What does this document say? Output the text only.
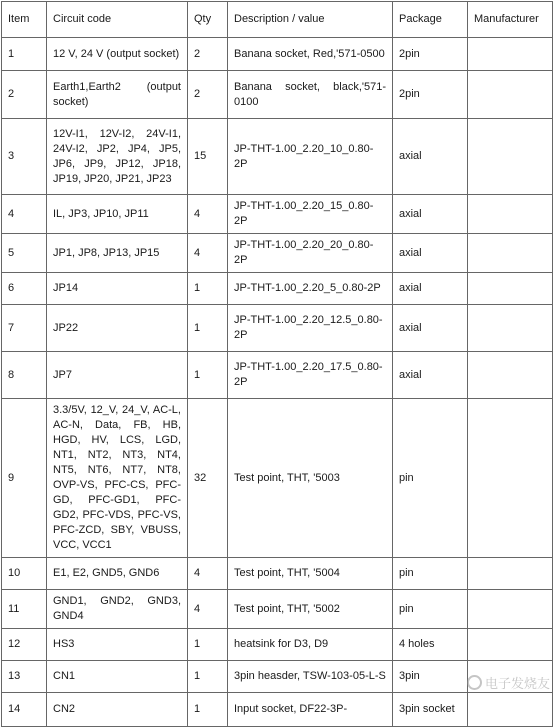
Item	Circuit code	Qty	Description / value	Package	Manufacturer
1	12 V, 24 V (output socket)	2	Banana socket, Red,'571-0500	2pin	
2	Earth1,Earth2 (output socket)	2	Banana socket, black,'571-0100	2pin	
3	12V-I1, 12V-I2, 24V-I1, 24V-I2, JP2, JP4, JP5, JP6, JP9, JP12, JP18, JP19, JP20, JP21, JP23	15	JP-THT-1.00_2.20_10_0.80-2P	axial	
4	IL, JP3, JP10, JP11	4	JP-THT-1.00_2.20_15_0.80-2P	axial	
5	JP1, JP8, JP13, JP15	4	JP-THT-1.00_2.20_20_0.80-2P	axial	
6	JP14	1	JP-THT-1.00_2.20_5_0.80-2P	axial	
7	JP22	1	JP-THT-1.00_2.20_12.5_0.80-2P	axial	
8	JP7	1	JP-THT-1.00_2.20_17.5_0.80-2P	axial	
9	3.3/5V, 12_V, 24_V, AC-L, AC-N, Data, FB, HB, HGD, HV, LCS, LGD, NT1, NT2, NT3, NT4, NT5, NT6, NT7, NT8, OVP-VS, PFC-CS, PFC-GD, PFC-GD1, PFC-GD2, PFC-VDS, PFC-VS, PFC-ZCD, SBY, VBUSS, VCC, VCC1	32	Test point, THT, '5003	pin	
10	E1, E2, GND5, GND6	4	Test point, THT, '5004	pin	
11	GND1, GND2, GND3, GND4	4	Test point, THT, '5002	pin	
12	HS3	1	heatsink for D3, D9	4 holes	
13	CN1	1	3pin heasder, TSW-103-05-L-S	3pin	
14	CN2	1	Input socket, DF22-3P-	3pin socket	
电子发烧友
